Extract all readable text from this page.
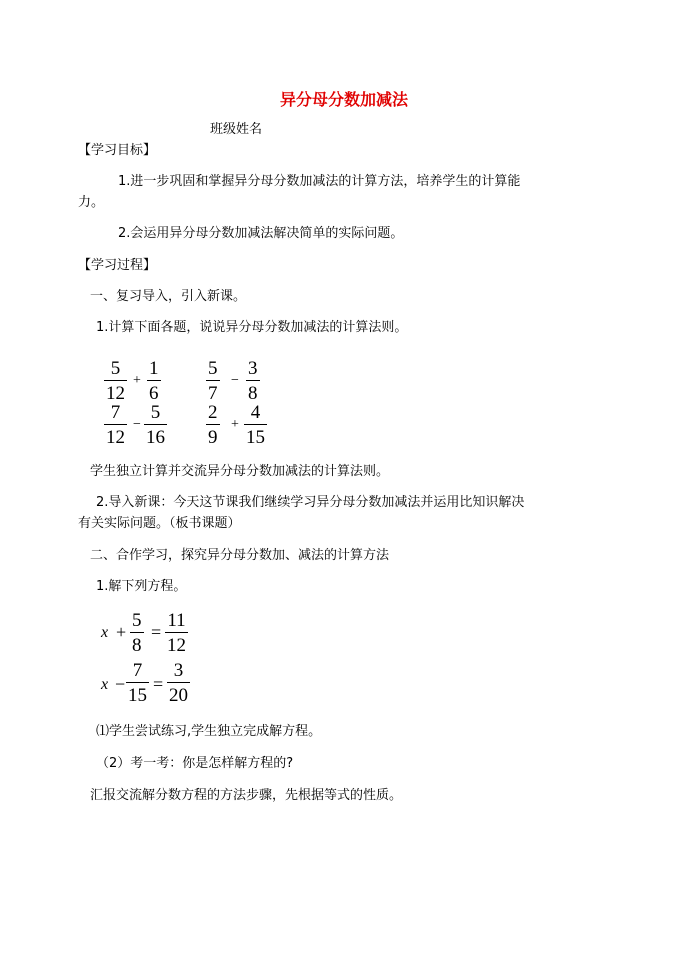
异分母分数加减法
班级姓名
【学习目标】
1.进一步巩固和掌握异分母分数加减法的计算方法，培养学生的计算能
力。
2.会运用异分母分数加减法解决简单的实际问题。
【学习过程】
一、复习导入，引入新课。
1.计算下面各题，说说异分母分数加减法的计算法则。
$\frac{5}{12} + \frac{1}{6} \frac{5}{7} - \frac{3}{8}$
$\frac{7}{12} - \frac{5}{16} \frac{2}{9} + \frac{4}{15}$
学生独立计算并交流异分母分数加减法的计算法则。
2.导入新课：今天这节课我们继续学习异分母分数加减法并运用比知识解决
有关实际问题。（板书课题）
二、合作学习，探究异分母分数加、减法的计算方法
1.解下列方程。
$x + \frac{5}{8} = \frac{11}{12}$
$x - \frac{7}{15} = \frac{3}{20}$
⑴学生尝试练习,学生独立完成解方程。
（2）考一考：你是怎样解方程的?
汇报交流解分数方程的方法步骤，先根据等式的性质。
